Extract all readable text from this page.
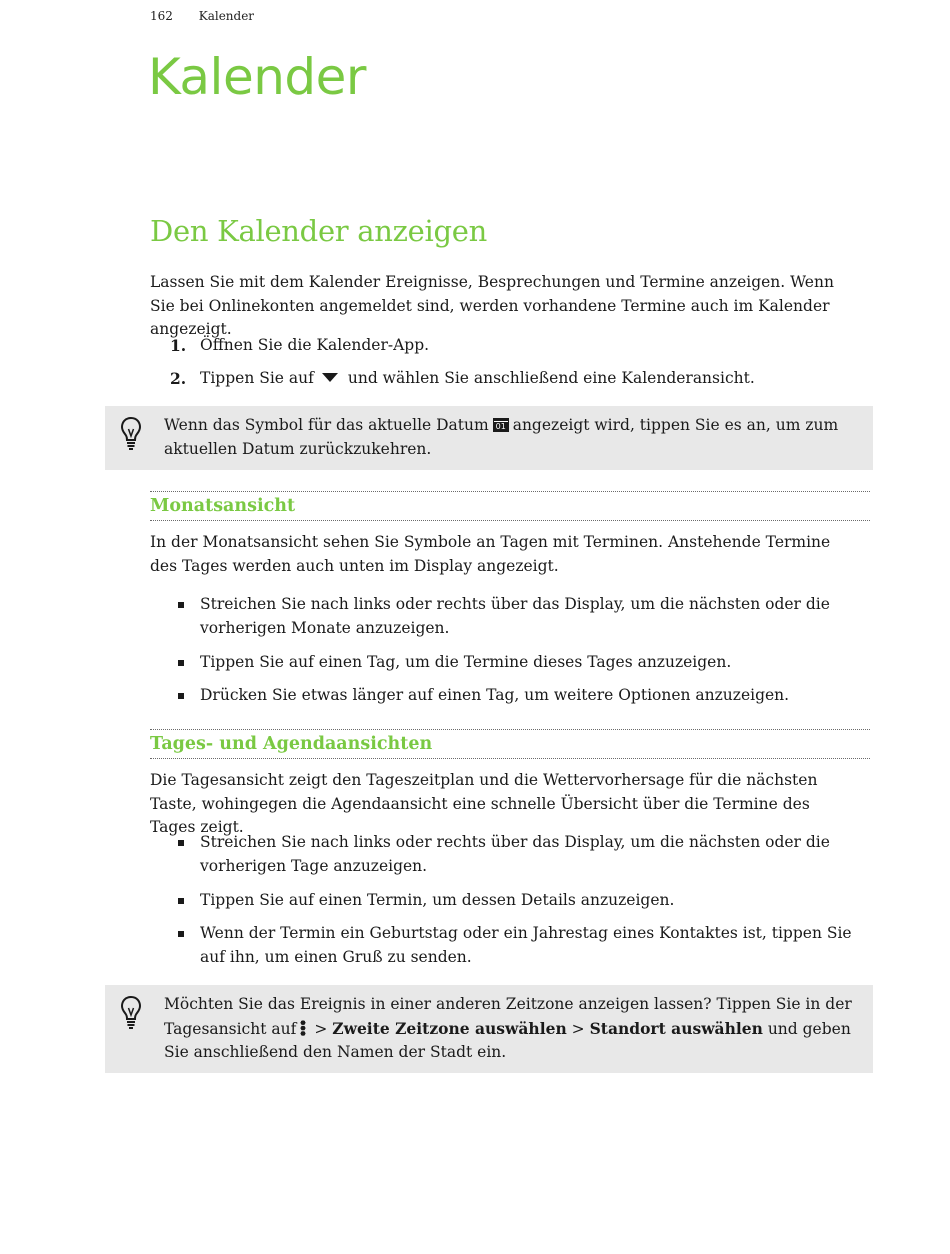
162 Kalender
Kalender
Den Kalender anzeigen

Lassen Sie mit dem Kalender Ereignisse, Besprechungen und Termine anzeigen. Wenn Sie bei Onlinekonten angemeldet sind, werden vorhandene Termine auch im Kalender angezeigt.

1. Öffnen Sie die Kalender-App.
2. Tippen Sie auf und wählen Sie anschließend eine Kalenderansicht.
Wenn das Symbol für das aktuelle Datum 01 angezeigt wird, tippen Sie es an, um zum aktuellen Datum zurückzukehren.
Monatsansicht

In der Monatsansicht sehen Sie Symbole an Tagen mit Terminen. Anstehende Termine des Tages werden auch unten im Display angezeigt.

Streichen Sie nach links oder rechts über das Display, um die nächsten oder die vorherigen Monate anzuzeigen.
Tippen Sie auf einen Tag, um die Termine dieses Tages anzuzeigen.
Drücken Sie etwas länger auf einen Tag, um weitere Optionen anzuzeigen.
Tages- und Agendaansichten

Die Tagesansicht zeigt den Tageszeitplan und die Wettervorhersage für die nächsten Taste, wohingegen die Agendaansicht eine schnelle Übersicht über die Termine des Tages zeigt.

Streichen Sie nach links oder rechts über das Display, um die nächsten oder die vorherigen Tage anzuzeigen.
Tippen Sie auf einen Termin, um dessen Details anzuzeigen.
Wenn der Termin ein Geburtstag oder ein Jahrestag eines Kontaktes ist, tippen Sie auf ihn, um einen Gruß zu senden.
Möchten Sie das Ereignis in einer anderen Zeitzone anzeigen lassen? Tippen Sie in der Tagesansicht auf > Zweite Zeitzone auswählen > Standort auswählen und geben Sie anschließend den Namen der Stadt ein.
